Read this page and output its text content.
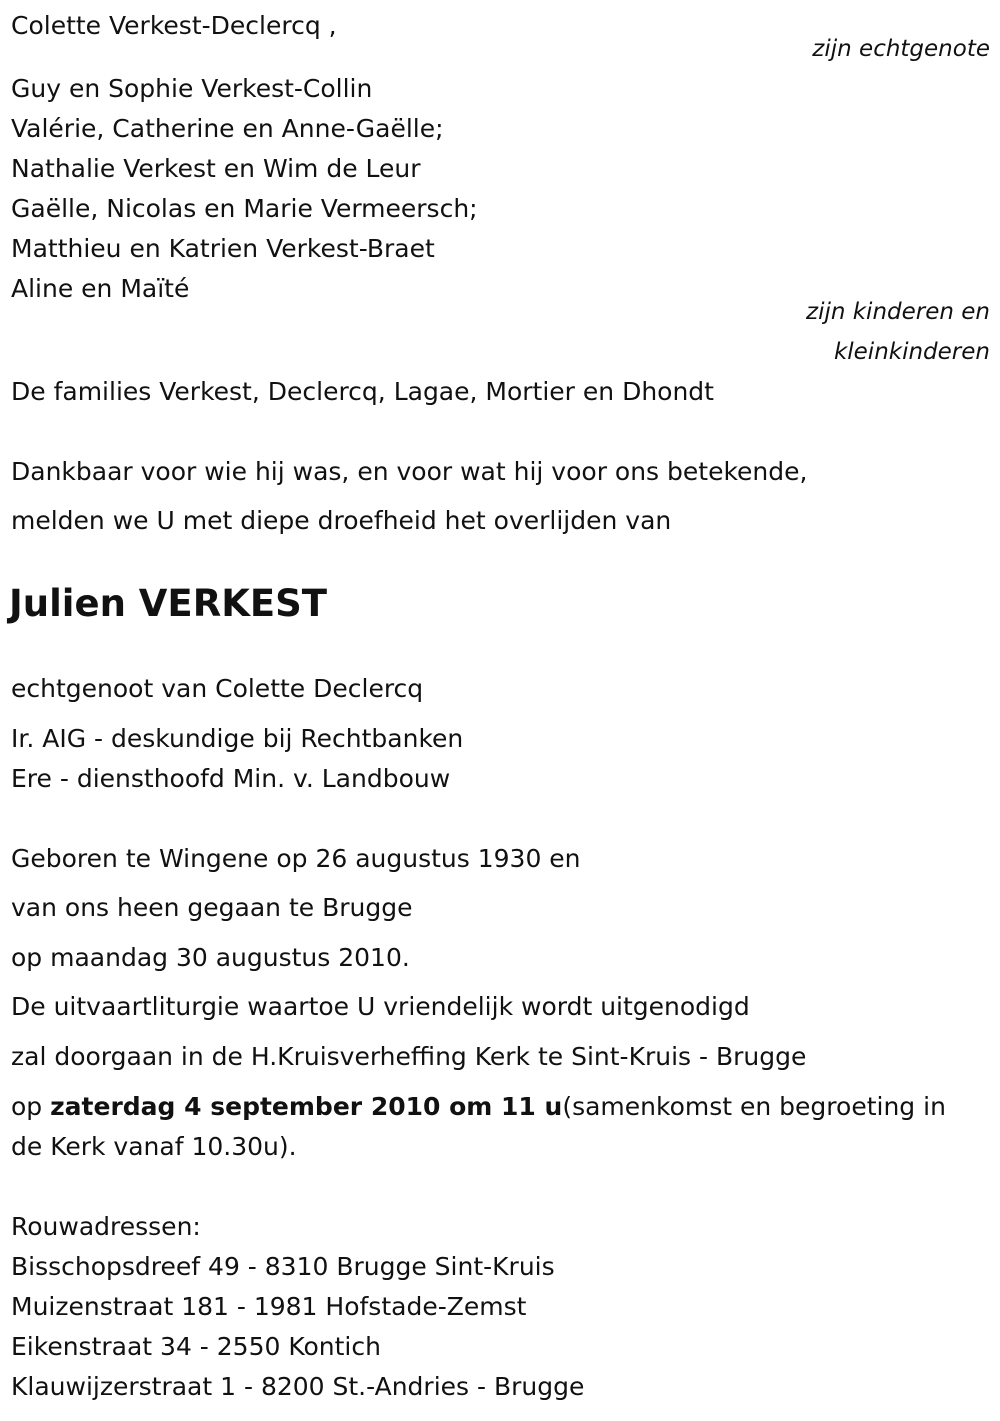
Colette Verkest-Declercq ,
zijn echtgenote
Guy en Sophie Verkest-Collin
Valérie, Catherine en Anne-Gaëlle;
Nathalie Verkest en Wim de Leur
Gaëlle, Nicolas en Marie Vermeersch;
Matthieu en Katrien Verkest-Braet
Aline en Maïté
zijn kinderen en
kleinkinderen
De families Verkest, Declercq, Lagae, Mortier en Dhondt
Dankbaar voor wie hij was, en voor wat hij voor ons betekende,
melden we U met diepe droefheid het overlijden van
Julien VERKEST
echtgenoot van Colette Declercq
Ir. AIG - deskundige bij Rechtbanken
Ere - diensthoofd Min. v. Landbouw
Geboren te Wingene op 26 augustus 1930 en
van ons heen gegaan te Brugge
op maandag 30 augustus 2010.
De uitvaartliturgie waartoe U vriendelijk wordt uitgenodigd
zal doorgaan in de H.Kruisverheffing Kerk te Sint-Kruis - Brugge
op zaterdag 4 september 2010 om 11 u(samenkomst en begroeting in de Kerk vanaf 10.30u).
Rouwadressen:
Bisschopsdreef 49 - 8310 Brugge Sint-Kruis
Muizenstraat 181 - 1981 Hofstade-Zemst
Eikenstraat 34 - 2550 Kontich
Klauwijzerstraat 1 - 8200 St.-Andries - Brugge
